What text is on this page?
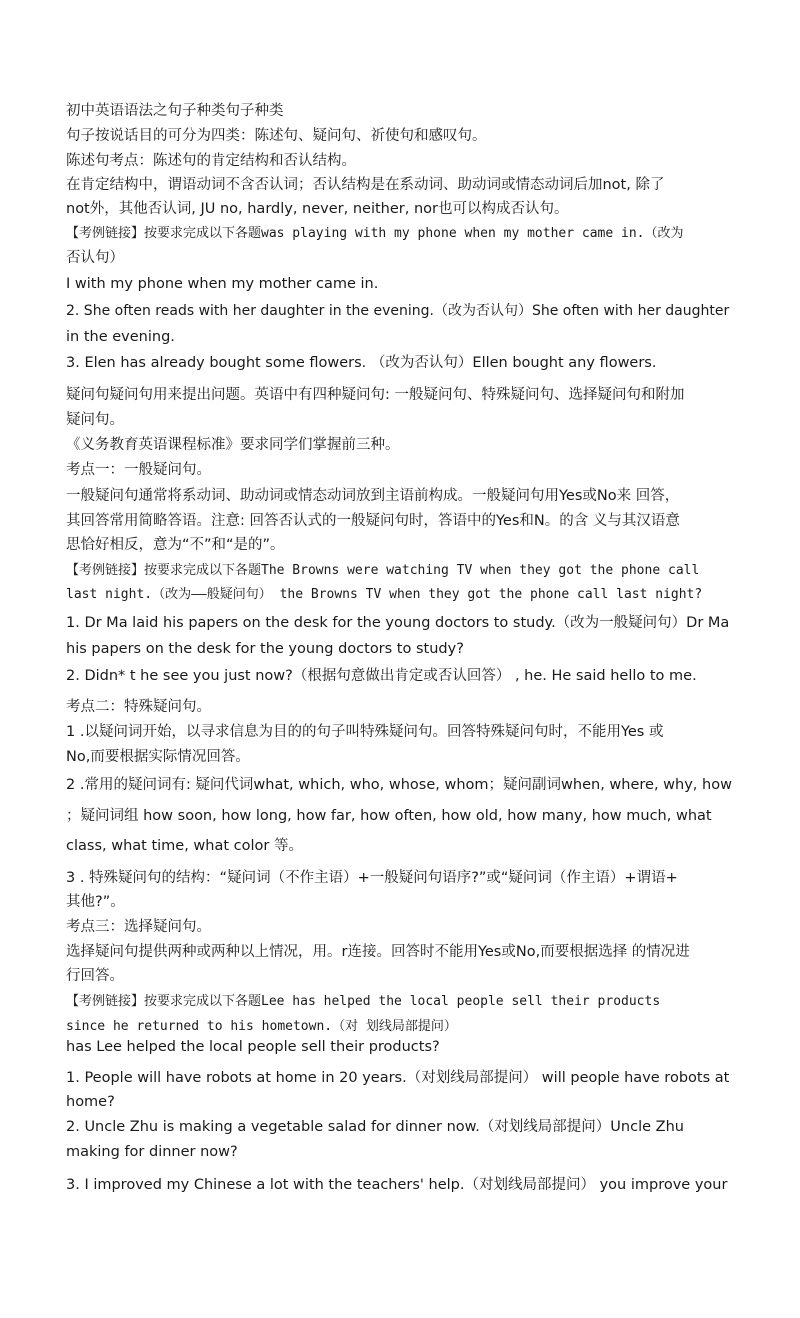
初中英语语法之句子种类句子种类

句子按说话目的可分为四类：陈述句、疑问句、祈使句和感叹句。

陈述句考点：陈述句的肯定结构和否认结构。

在肯定结构中，谓语动词不含否认词；否认结构是在系动词、助动词或情态动词后加not, 除了

not外，其他否认词, JU no, hardly, never, neither, nor也可以构成否认句。

【考例链接】按要求完成以下各题was playing with my phone when my mother came in.（改为

否认句）

I with my phone when my mother came in.

2. She often reads with her daughter in the evening.（改为否认句）She often with her daughter

in the evening.

3. Elen has already bought some flowers. （改为否认句）Ellen bought any flowers.

疑问句疑问句用来提出问题。英语中有四种疑问句: 一般疑问句、特殊疑问句、选择疑问句和附加

疑问句。

《义务教育英语课程标准》要求同学们掌握前三种。

考点一：一般疑问句。

一般疑问句通常将系动词、助动词或情态动词放到主语前构成。一般疑问句用Yes或No来 回答，

其回答常用简略答语。注意: 回答否认式的一般疑问句时，答语中的Yes和N。的含 义与其汉语意

思恰好相反，意为“不”和“是的”。

【考例链接】按要求完成以下各题The Browns were watching TV when they got the phone call

last night.（改为——般疑问句） the Browns TV when they got the phone call last night?

1. Dr Ma laid his papers on the desk for the young doctors to study.（改为一般疑问句）Dr Ma

his papers on the desk for the young doctors to study?

2. Didn* t he see you just now?（根据句意做出肯定或否认回答） , he. He said hello to me.

考点二：特殊疑问句。

1 .以疑问词开始，以寻求信息为目的的句子叫特殊疑问句。回答特殊疑问句时，不能用Yes 或

No,而要根据实际情况回答。

2 .常用的疑问词有: 疑问代词what, which, who, whose, whom；疑问副词when, where, why, how

；疑问词组 how soon, how long, how far, how often, how old, how many, how much, what

class, what time, what color 等。

3 . 特殊疑问句的结构：“疑问词（不作主语）+一般疑问句语序?”或“疑问词（作主语）+谓语+

其他?”。

考点三：选择疑问句。

选择疑问句提供两种或两种以上情况，用。r连接。回答时不能用Yes或No,而要根据选择 的情况进

行回答。

【考例链接】按要求完成以下各题Lee has helped the local people sell their products

since he returned to his hometown.（对 划线局部提问）

has Lee helped the local people sell their products?

1. People will have robots at home in 20 years.（对划线局部提问） will people have robots at

home?

2. Uncle Zhu is making a vegetable salad for dinner now.（对划线局部提问）Uncle Zhu

making for dinner now?

3. I improved my Chinese a lot with the teachers' help.（对划线局部提问） you improve your
